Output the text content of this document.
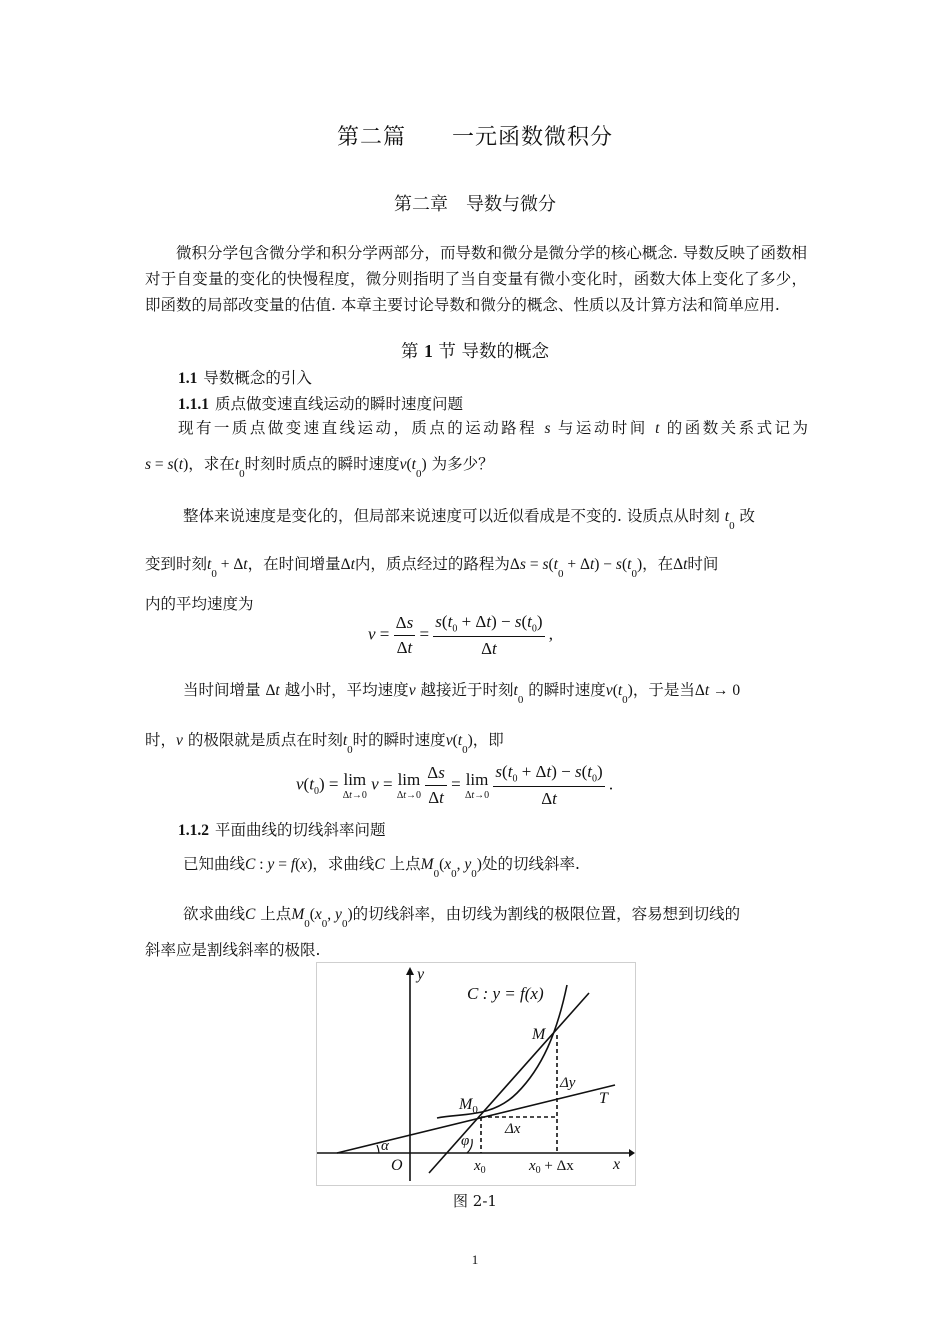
第二篇　　一元函数微积分
第二章　导数与微分
微积分学包含微分学和积分学两部分，而导数和微分是微分学的核心概念. 导数反映了函数相对于自变量的变化的快慢程度，微分则指明了当自变量有微小变化时，函数大体上变化了多少，即函数的局部改变量的估值. 本章主要讨论导数和微分的概念、性质以及计算方法和简单应用.
第 1 节 导数的概念
1.1 导数概念的引入
1.1.1 质点做变速直线运动的瞬时速度问题
现有一质点做变速直线运动，质点的运动路程 s 与运动时间 t 的函数关系式记为
s = s(t)，求在$t_0$时刻时质点的瞬时速度$v(t_0)$ 为多少？
整体来说速度是变化的，但局部来说速度可以近似看成是不变的. 设质点从时刻 $t_0$ 改
变到时刻$t_0 + \Delta t$，在时间增量Δt内，质点经过的路程为$\Delta s = s(t_0 + \Delta t) - s(t_0)$，在Δt时间
内的平均速度为
$v = \frac{\Delta s}{\Delta t} = \frac{s(t_0 + \Delta t) - s(t_0)}{\Delta t}$ ,
当时间增量 Δt 越小时，平均速度v 越接近于时刻$t_0$ 的瞬时速度$v(t_0)$，于是当Δt → 0
时，v 的极限就是质点在时刻$t_0$时的瞬时速度$v(t_0)$，即
$v(t_0) = \lim$
Δt→0
v = lim
Δt→0
$\frac{\Delta s}{\Delta t} = \lim$
Δt→0
$\frac{s(t_0 + \Delta t) - s(t_0)}{\Delta t}$ .
1.1.2 平面曲线的切线斜率问题
已知曲线C : y = f(x)，求曲线C 上点$M_0(x_0$, $y_0$)处的切线斜率.
欲求曲线C 上点$M_0(x_0$, $y_0$)的切线斜率，由切线为割线的极限位置，容易想到切线的
斜率应是割线斜率的极限.
y
x
O
C : y = f(x)
M
$M_0$
T
Δy
Δx
α	φ
$x_0$	$x_0 + \Delta x$
图 2-1
1
